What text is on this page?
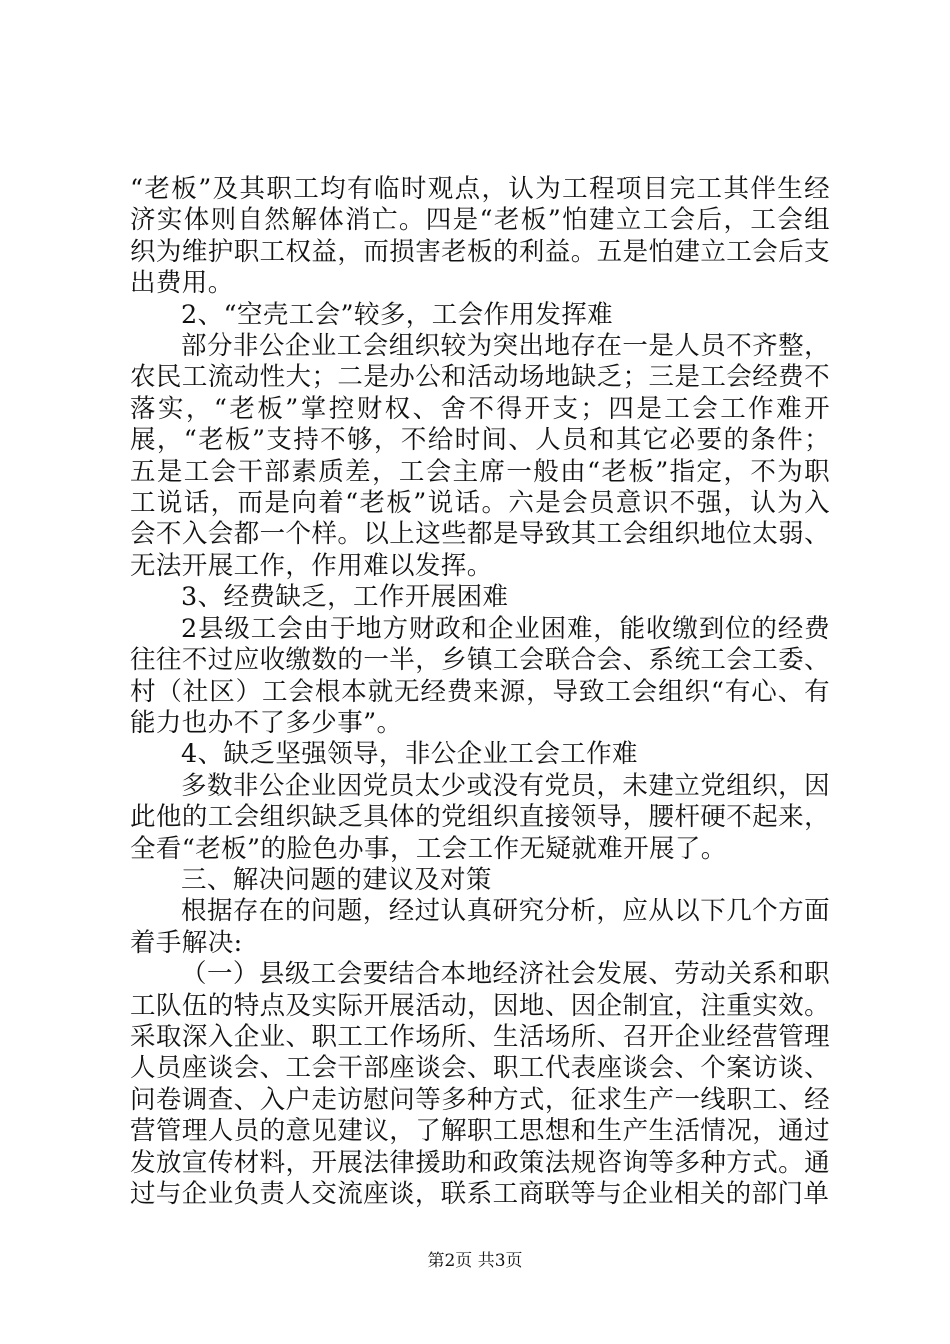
“老板”及其职工均有临时观点，认为工程项目完工其伴生经济实体则自然解体消亡。四是“老板”怕建立工会后，工会组织为维护职工权益，而损害老板的利益。五是怕建立工会后支出费用。

2、“空壳工会”较多，工会作用发挥难

部分非公企业工会组织较为突出地存在一是人员不齐整，农民工流动性大；二是办公和活动场地缺乏；三是工会经费不落实，“老板”掌控财权、舍不得开支；四是工会工作难开展，“老板”支持不够，不给时间、人员和其它必要的条件；五是工会干部素质差，工会主席一般由“老板”指定，不为职工说话，而是向着“老板”说话。六是会员意识不强，认为入会不入会都一个样。以上这些都是导致其工会组织地位太弱、无法开展工作，作用难以发挥。

3、经费缺乏，工作开展困难

2县级工会由于地方财政和企业困难，能收缴到位的经费往往不过应收缴数的一半，乡镇工会联合会、系统工会工委、村（社区）工会根本就无经费来源，导致工会组织“有心、有能力也办不了多少事”。

4、缺乏坚强领导，非公企业工会工作难

多数非公企业因党员太少或没有党员，未建立党组织，因此他的工会组织缺乏具体的党组织直接领导，腰杆硬不起来，全看“老板”的脸色办事，工会工作无疑就难开展了。

三、解决问题的建议及对策

根据存在的问题，经过认真研究分析，应从以下几个方面着手解决:

（一）县级工会要结合本地经济社会发展、劳动关系和职工队伍的特点及实际开展活动，因地、因企制宜，注重实效。采取深入企业、职工工作场所、生活场所、召开企业经营管理人员座谈会、工会干部座谈会、职工代表座谈会、个案访谈、问卷调查、入户走访慰问等多种方式，征求生产一线职工、经营管理人员的意见建议，了解职工思想和生产生活情况，通过发放宣传材料，开展法律援助和政策法规咨询等多种方式。通过与企业负责人交流座谈，联系工商联等与企业相关的部门单

第2页 共3页
